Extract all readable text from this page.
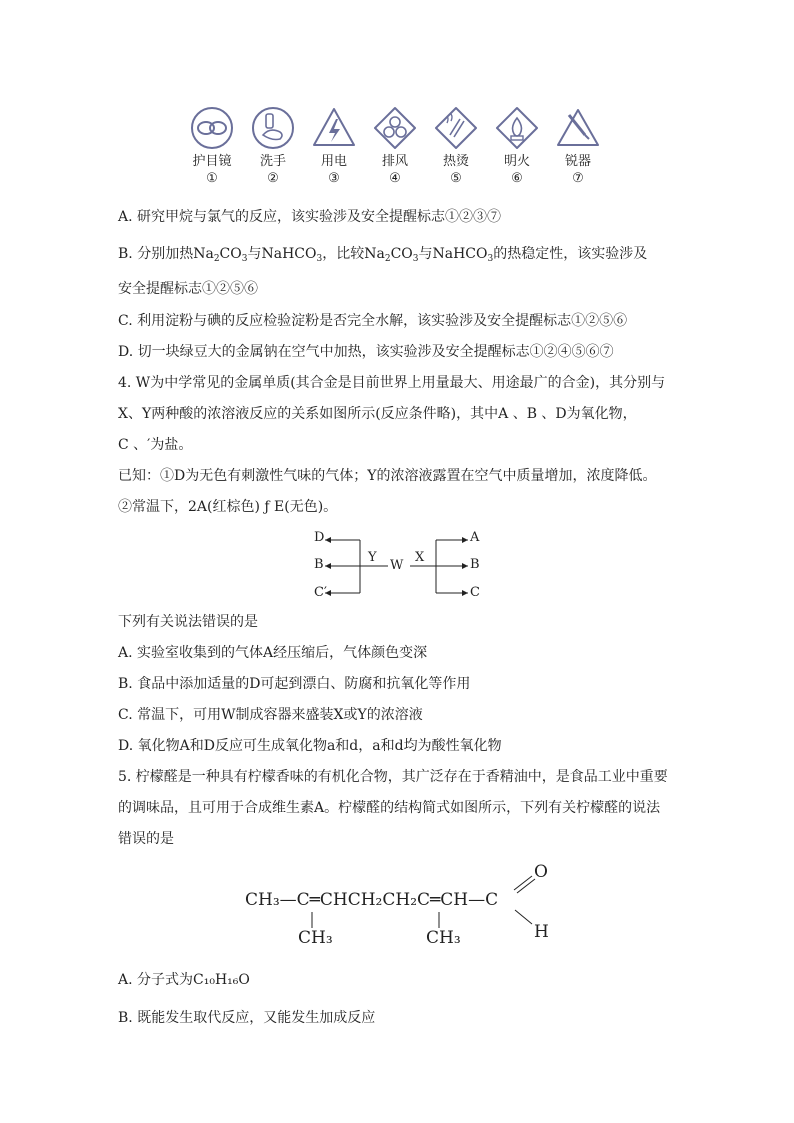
护目镜
①
洗手
②
用电
③
排风
④
热烫
⑤
明火
⑥
锐器
⑦
A. 研究甲烷与氯气的反应，该实验涉及安全提醒标志①②③⑦
B. 分别加热$Na_2CO_3$与NaHCO$_3$，比较$Na_2CO_3$与NaHCO$_3$的热稳定性，该实验涉及
安全提醒标志①②⑤⑥
C. 利用淀粉与碘的反应检验淀粉是否完全水解，该实验涉及安全提醒标志①②⑤⑥
D. 切一块绿豆大的金属钠在空气中加热，该实验涉及安全提醒标志①②④⑤⑥⑦
4. W为中学常见的金属单质(其合金是目前世界上用量最大、用途最广的合金)，其分别与
X、Y两种酸的浓溶液反应的关系如图所示(反应条件略)，其中A 、B 、D为氧化物，
C 、′为盐。
已知：①D为无色有刺激性气味的气体；Y的浓溶液露置在空气中质量增加，浓度降低。
②常温下，2A(红棕色) ƒ E(无色)。
D
B
C′
Y
W
X
A
B
C
下列有关说法错误的是
A. 实验室收集到的气体A经压缩后，气体颜色变深
B. 食品中添加适量的D可起到漂白、防腐和抗氧化等作用
C. 常温下，可用W制成容器来盛装X或Y的浓溶液
D. 氧化物A和D反应可生成氧化物a和d，a和d均为酸性氧化物
5. 柠檬醛是一种具有柠檬香味的有机化合物，其广泛存在于香精油中，是食品工业中重要
的调味品，且可用于合成维生素A。柠檬醛的结构简式如图所示，下列有关柠檬醛的说法
错误的是
CH₃—C═CHCH₂CH₂C═CH—C
CH₃	CH₃
O
H
A. 分子式为C₁₀H₁₆O
B. 既能发生取代反应，又能发生加成反应
